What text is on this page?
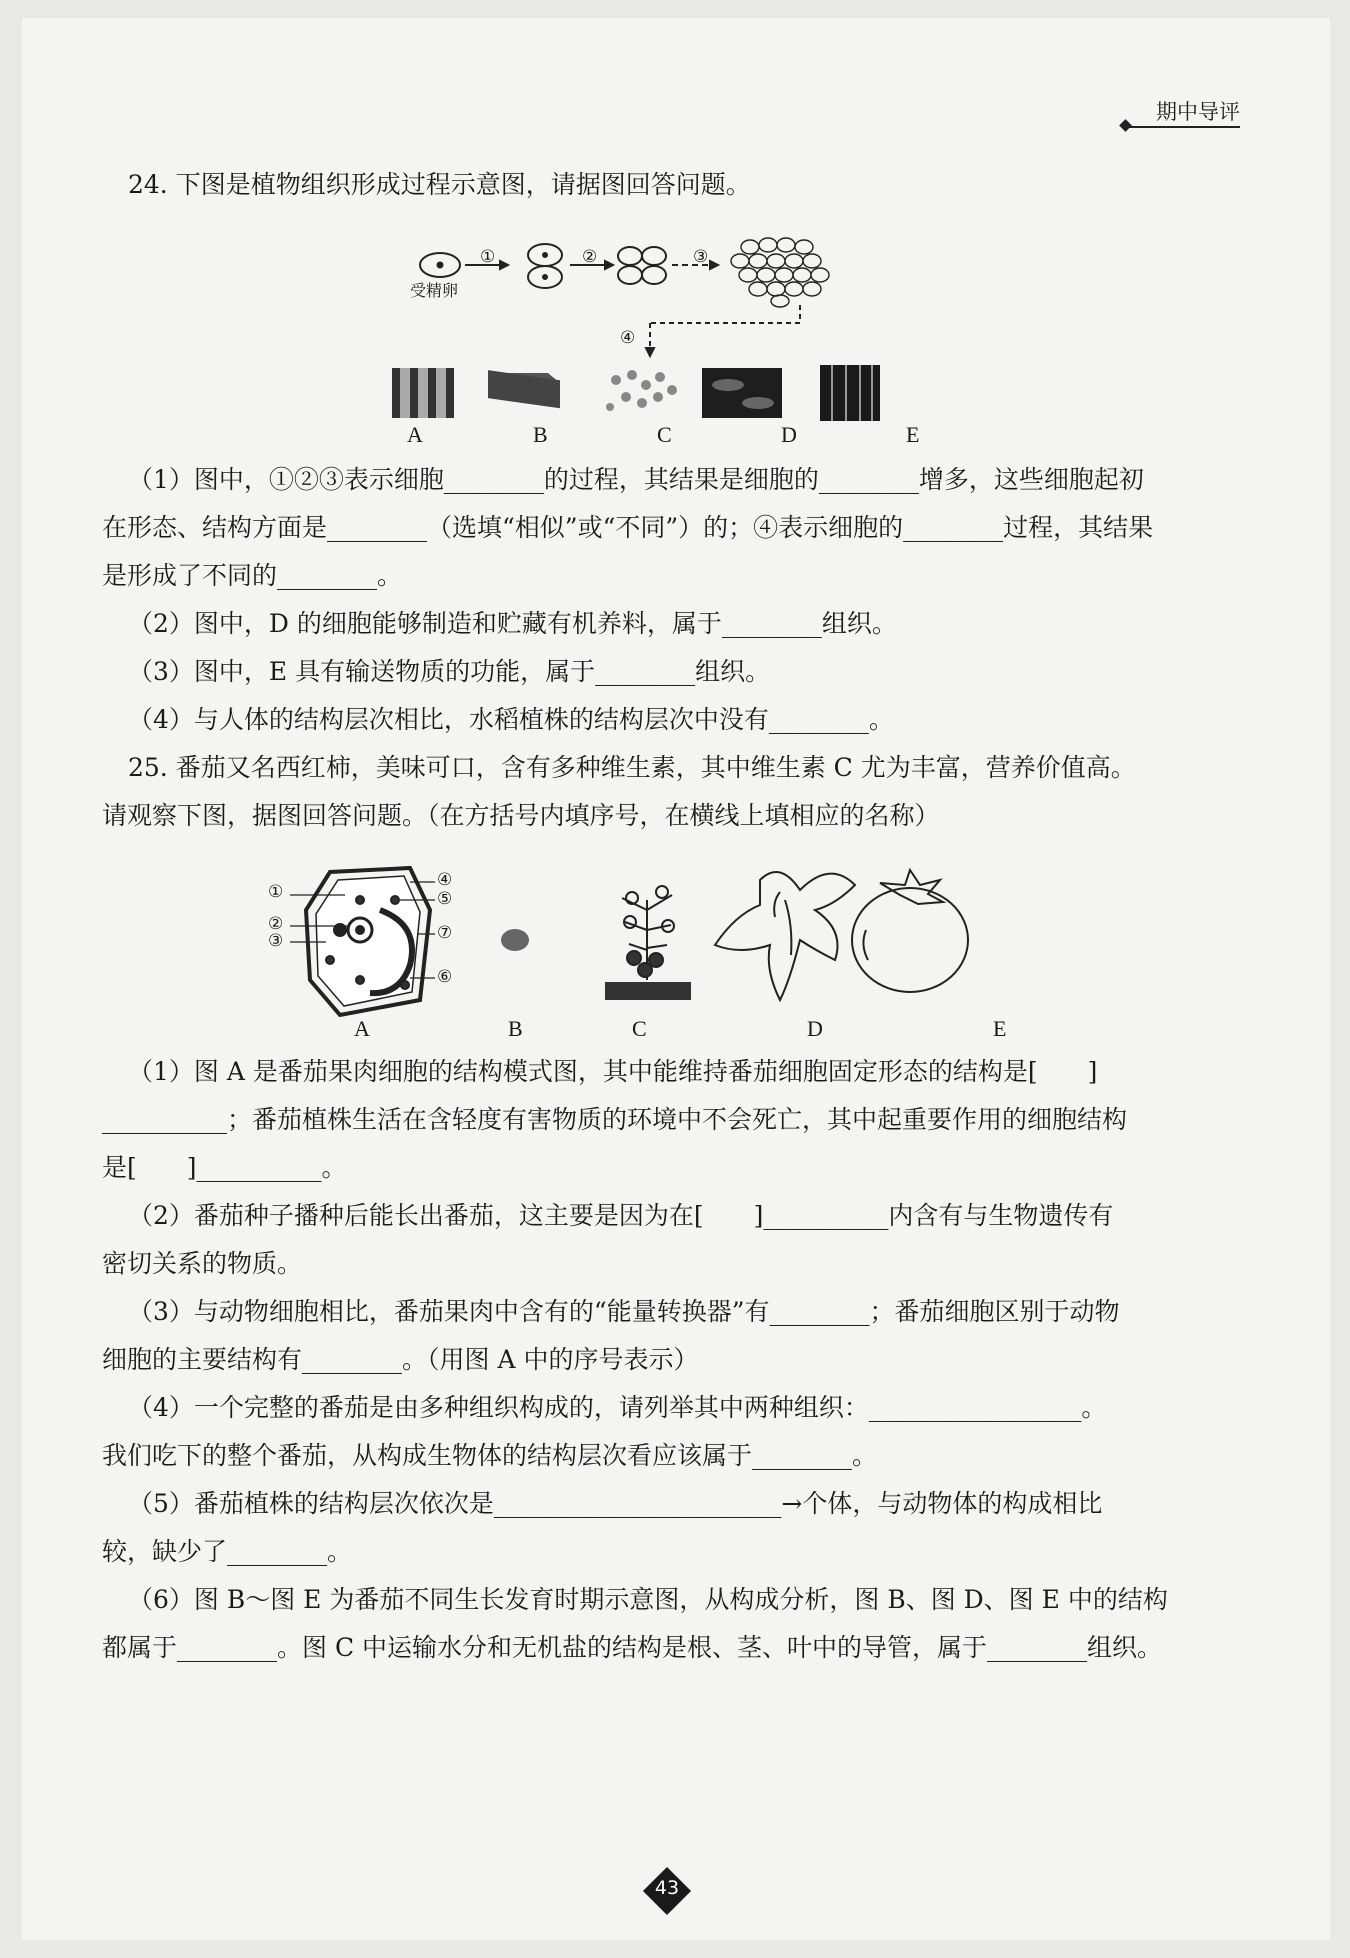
期中导评
24. 下图是植物组织形成过程示意图，请据图回答问题。
受精卵
①	②	③
④
A	B	C	D	E
（1）图中，①②③表示细胞________的过程，其结果是细胞的________增多，这些细胞起初
在形态、结构方面是________（选填“相似”或“不同”）的；④表示细胞的________过程，其结果
是形成了不同的________。
（2）图中，D 的细胞能够制造和贮藏有机养料，属于________组织。
（3）图中，E 具有输送物质的功能，属于________组织。
（4）与人体的结构层次相比，水稻植株的结构层次中没有________。
25. 番茄又名西红柿，美味可口，含有多种维生素，其中维生素 C 尤为丰富，营养价值高。
请观察下图，据图回答问题。（在方括号内填序号，在横线上填相应的名称）
①
②
③
④
⑤
⑦
⑥
A	B	C	D	E
（1）图 A 是番茄果肉细胞的结构模式图，其中能维持番茄细胞固定形态的结构是[　　]
__________；番茄植株生活在含轻度有害物质的环境中不会死亡，其中起重要作用的细胞结构
是[　　]__________。
（2）番茄种子播种后能长出番茄，这主要是因为在[　　]__________内含有与生物遗传有
密切关系的物质。
（3）与动物细胞相比，番茄果肉中含有的“能量转换器”有________；番茄细胞区别于动物
细胞的主要结构有________。（用图 A 中的序号表示）
（4）一个完整的番茄是由多种组织构成的，请列举其中两种组织：_________________。
我们吃下的整个番茄，从构成生物体的结构层次看应该属于________。
（5）番茄植株的结构层次依次是_______________________→个体，与动物体的构成相比
较，缺少了________。
（6）图 B～图 E 为番茄不同生长发育时期示意图，从构成分析，图 B、图 D、图 E 中的结构
都属于________。图 C 中运输水分和无机盐的结构是根、茎、叶中的导管，属于________组织。
43
